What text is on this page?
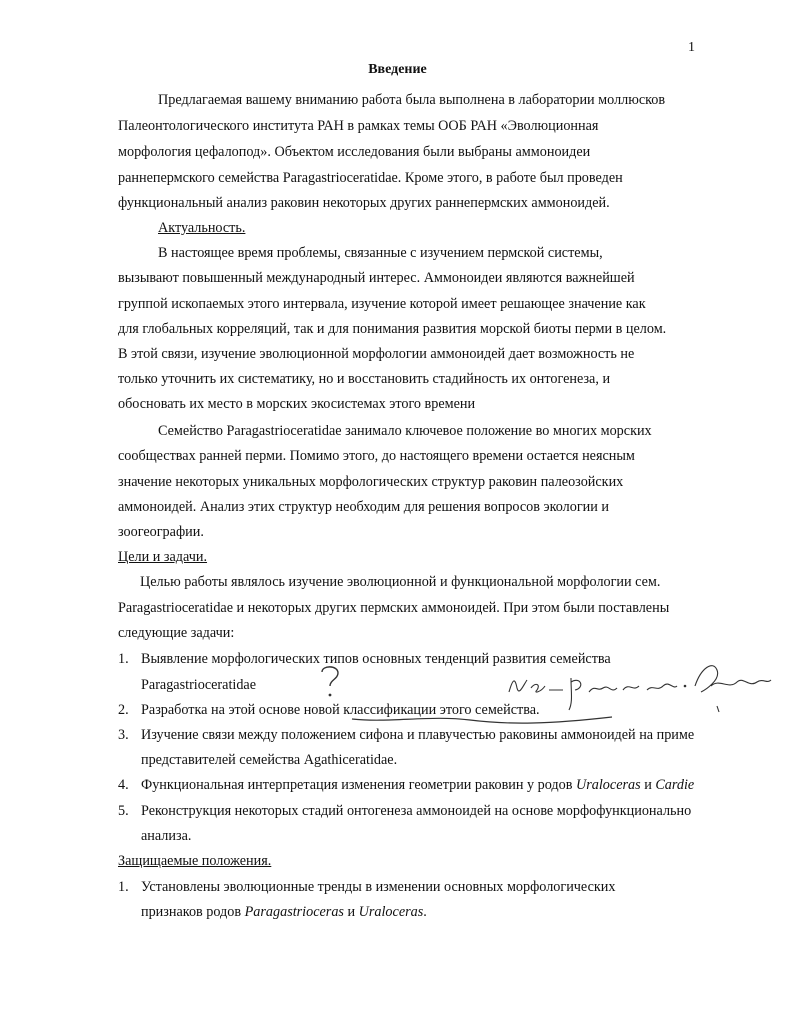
1
Введение
Предлагаемая вашему вниманию работа была выполнена в лаборатории моллюсков
Палеонтологического института РАН в рамках темы ООБ РАН «Эволюционная
морфология цефалопод». Объектом исследования были выбраны аммоноидеи
раннепермского семейства Paragastrioceratidae. Кроме этого, в работе был проведен
функциональный анализ раковин некоторых других раннепермских аммоноидей.
Актуальность.
В настоящее время проблемы, связанные с изучением пермской системы,
вызывают повышенный международный интерес. Аммоноидеи являются важнейшей
группой ископаемых этого интервала, изучение которой имеет решающее значение как
для глобальных корреляций, так и для понимания развития морской биоты перми в целом.
В этой связи, изучение эволюционной морфологии аммоноидей дает возможность не
только уточнить их систематику, но и восстановить стадийность их онтогенеза, и
обосновать их место в морских экосистемах этого времени
Семейство Paragastrioceratidae занимало ключевое положение во многих морских
сообществах ранней перми. Помимо этого, до настоящего времени остается неясным
значение некоторых уникальных морфологических структур раковин палеозойских
аммоноидей. Анализ этих структур необходим для решения вопросов экологии и
зоогеографии.
Цели и задачи.
Целью работы являлось изучение эволюционной и функциональной морфологии сем.
Paragastrioceratidae и некоторых других пермских аммоноидей. При этом были поставлены
следующие задачи:
1. Выявление морфологических типов основных тенденций развития семейства
Paragastrioceratidae
2. Разработка на этой основе новой классификации этого семейства.
3. Изучение связи между положением сифона и плавучестью раковины аммоноидей на приме
представителей семейства Agathiceratidae.
4. Функциональная интерпретация изменения геометрии раковин у родов Uraloceras и Cardie
5. Реконструкция некоторых стадий онтогенеза аммоноидей на основе морфофункционально
анализа.
Защищаемые положения.
1. Установлены эволюционные тренды в изменении основных морфологических
признаков родов Paragastrioceras и Uraloceras.
